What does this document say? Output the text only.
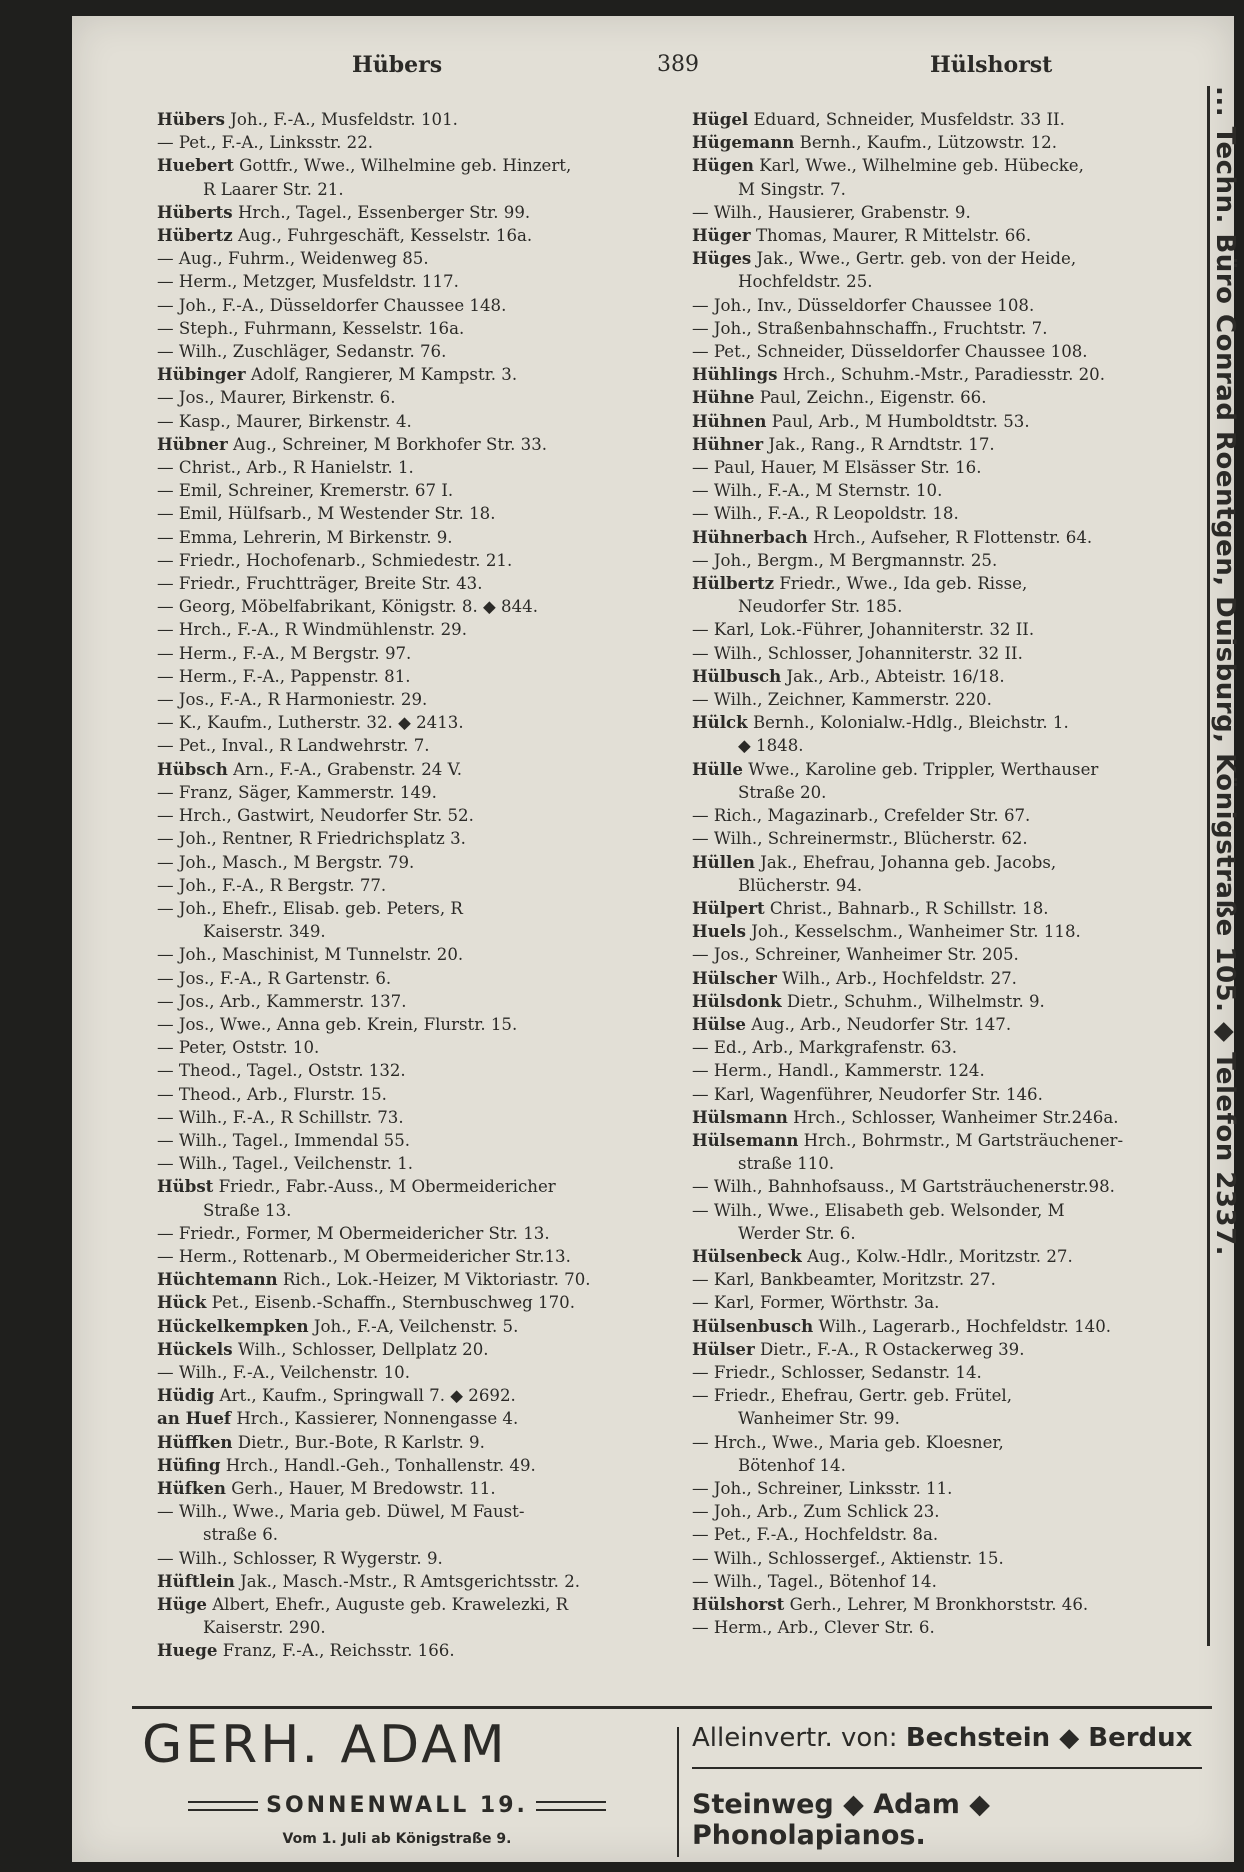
Hübers	389	Hülshorst
Hübers Joh., F.-A., Musfeldstr. 101.
— Pet., F.-A., Linksstr. 22.
Huebert Gottfr., Wwe., Wilhelmine geb. Hinzert,
R Laarer Str. 21.
Hüberts Hrch., Tagel., Essenberger Str. 99.
Hübertz Aug., Fuhrgeschäft, Kesselstr. 16a.
— Aug., Fuhrm., Weidenweg 85.
— Herm., Metzger, Musfeldstr. 117.
— Joh., F.-A., Düsseldorfer Chaussee 148.
— Steph., Fuhrmann, Kesselstr. 16a.
— Wilh., Zuschläger, Sedanstr. 76.
Hübinger Adolf, Rangierer, M Kampstr. 3.
— Jos., Maurer, Birkenstr. 6.
— Kasp., Maurer, Birkenstr. 4.
Hübner Aug., Schreiner, M Borkhofer Str. 33.
— Christ., Arb., R Hanielstr. 1.
— Emil, Schreiner, Kremerstr. 67 I.
— Emil, Hülfsarb., M Westender Str. 18.
— Emma, Lehrerin, M Birkenstr. 9.
— Friedr., Hochofenarb., Schmiedestr. 21.
— Friedr., Fruchtträger, Breite Str. 43.
— Georg, Möbelfabrikant, Königstr. 8. ◆ 844.
— Hrch., F.-A., R Windmühlenstr. 29.
— Herm., F.-A., M Bergstr. 97.
— Herm., F.-A., Pappenstr. 81.
— Jos., F.-A., R Harmoniestr. 29.
— K., Kaufm., Lutherstr. 32. ◆ 2413.
— Pet., Inval., R Landwehrstr. 7.
Hübsch Arn., F.-A., Grabenstr. 24 V.
— Franz, Säger, Kammerstr. 149.
— Hrch., Gastwirt, Neudorfer Str. 52.
— Joh., Rentner, R Friedrichsplatz 3.
— Joh., Masch., M Bergstr. 79.
— Joh., F.-A., R Bergstr. 77.
— Joh., Ehefr., Elisab. geb. Peters, R
Kaiserstr. 349.
— Joh., Maschinist, M Tunnelstr. 20.
— Jos., F.-A., R Gartenstr. 6.
— Jos., Arb., Kammerstr. 137.
— Jos., Wwe., Anna geb. Krein, Flurstr. 15.
— Peter, Oststr. 10.
— Theod., Tagel., Oststr. 132.
— Theod., Arb., Flurstr. 15.
— Wilh., F.-A., R Schillstr. 73.
— Wilh., Tagel., Immendal 55.
— Wilh., Tagel., Veilchenstr. 1.
Hübst Friedr., Fabr.-Auss., M Obermeidericher
Straße 13.
— Friedr., Former, M Obermeidericher Str. 13.
— Herm., Rottenarb., M Obermeidericher Str.13.
Hüchtemann Rich., Lok.-Heizer, M Viktoriastr. 70.
Hück Pet., Eisenb.-Schaffn., Sternbuschweg 170.
Hückelkempken Joh., F.-A, Veilchenstr. 5.
Hückels Wilh., Schlosser, Dellplatz 20.
— Wilh., F.-A., Veilchenstr. 10.
Hüdig Art., Kaufm., Springwall 7. ◆ 2692.
an Huef Hrch., Kassierer, Nonnengasse 4.
Hüffken Dietr., Bur.-Bote, R Karlstr. 9.
Hüfing Hrch., Handl.-Geh., Tonhallenstr. 49.
Hüfken Gerh., Hauer, M Bredowstr. 11.
— Wilh., Wwe., Maria geb. Düwel, M Faust-
straße 6.
— Wilh., Schlosser, R Wygerstr. 9.
Hüftlein Jak., Masch.-Mstr., R Amtsgerichtsstr. 2.
Hüge Albert, Ehefr., Auguste geb. Krawelezki, R
Kaiserstr. 290.
Huege Franz, F.-A., Reichsstr. 166.
Hügel Eduard, Schneider, Musfeldstr. 33 II.
Hügemann Bernh., Kaufm., Lützowstr. 12.
Hügen Karl, Wwe., Wilhelmine geb. Hübecke,
M Singstr. 7.
— Wilh., Hausierer, Grabenstr. 9.
Hüger Thomas, Maurer, R Mittelstr. 66.
Hüges Jak., Wwe., Gertr. geb. von der Heide,
Hochfeldstr. 25.
— Joh., Inv., Düsseldorfer Chaussee 108.
— Joh., Straßenbahnschaffn., Fruchtstr. 7.
— Pet., Schneider, Düsseldorfer Chaussee 108.
Hühlings Hrch., Schuhm.-Mstr., Paradiesstr. 20.
Hühne Paul, Zeichn., Eigenstr. 66.
Hühnen Paul, Arb., M Humboldtstr. 53.
Hühner Jak., Rang., R Arndtstr. 17.
— Paul, Hauer, M Elsässer Str. 16.
— Wilh., F.-A., M Sternstr. 10.
— Wilh., F.-A., R Leopoldstr. 18.
Hühnerbach Hrch., Aufseher, R Flottenstr. 64.
— Joh., Bergm., M Bergmannstr. 25.
Hülbertz Friedr., Wwe., Ida geb. Risse,
Neudorfer Str. 185.
— Karl, Lok.-Führer, Johanniterstr. 32 II.
— Wilh., Schlosser, Johanniterstr. 32 II.
Hülbusch Jak., Arb., Abteistr. 16/18.
— Wilh., Zeichner, Kammerstr. 220.
Hülck Bernh., Kolonialw.-Hdlg., Bleichstr. 1.
◆ 1848.
Hülle Wwe., Karoline geb. Trippler, Werthauser
Straße 20.
— Rich., Magazinarb., Crefelder Str. 67.
— Wilh., Schreinermstr., Blücherstr. 62.
Hüllen Jak., Ehefrau, Johanna geb. Jacobs,
Blücherstr. 94.
Hülpert Christ., Bahnarb., R Schillstr. 18.
Huels Joh., Kesselschm., Wanheimer Str. 118.
— Jos., Schreiner, Wanheimer Str. 205.
Hülscher Wilh., Arb., Hochfeldstr. 27.
Hülsdonk Dietr., Schuhm., Wilhelmstr. 9.
Hülse Aug., Arb., Neudorfer Str. 147.
— Ed., Arb., Markgrafenstr. 63.
— Herm., Handl., Kammerstr. 124.
— Karl, Wagenführer, Neudorfer Str. 146.
Hülsmann Hrch., Schlosser, Wanheimer Str.246a.
Hülsemann Hrch., Bohrmstr., M Gartsträuchener-
straße 110.
— Wilh., Bahnhofsauss., M Gartsträuchenerstr.98.
— Wilh., Wwe., Elisabeth geb. Welsonder, M
Werder Str. 6.
Hülsenbeck Aug., Kolw.-Hdlr., Moritzstr. 27.
— Karl, Bankbeamter, Moritzstr. 27.
— Karl, Former, Wörthstr. 3a.
Hülsenbusch Wilh., Lagerarb., Hochfeldstr. 140.
Hülser Dietr., F.-A., R Ostackerweg 39.
— Friedr., Schlosser, Sedanstr. 14.
— Friedr., Ehefrau, Gertr. geb. Frütel,
Wanheimer Str. 99.
— Hrch., Wwe., Maria geb. Kloesner,
Bötenhof 14.
— Joh., Schreiner, Linksstr. 11.
— Joh., Arb., Zum Schlick 23.
— Pet., F.-A., Hochfeldstr. 8a.
— Wilh., Schlossergef., Aktienstr. 15.
— Wilh., Tagel., Bötenhof 14.
Hülshorst Gerh., Lehrer, M Bronkhorststr. 46.
— Herm., Arb., Clever Str. 6.
... Techn. Büro Conrad Roentgen, Duisburg, Königstraße 105. ◆ Telefon 2337.
GERH. ADAM
SONNENWALL 19.
Vom 1. Juli ab Königstraße 9.
Alleinvertr. von: Bechstein ◆ Berdux
Steinweg ◆ Adam ◆ Phonolapianos.
